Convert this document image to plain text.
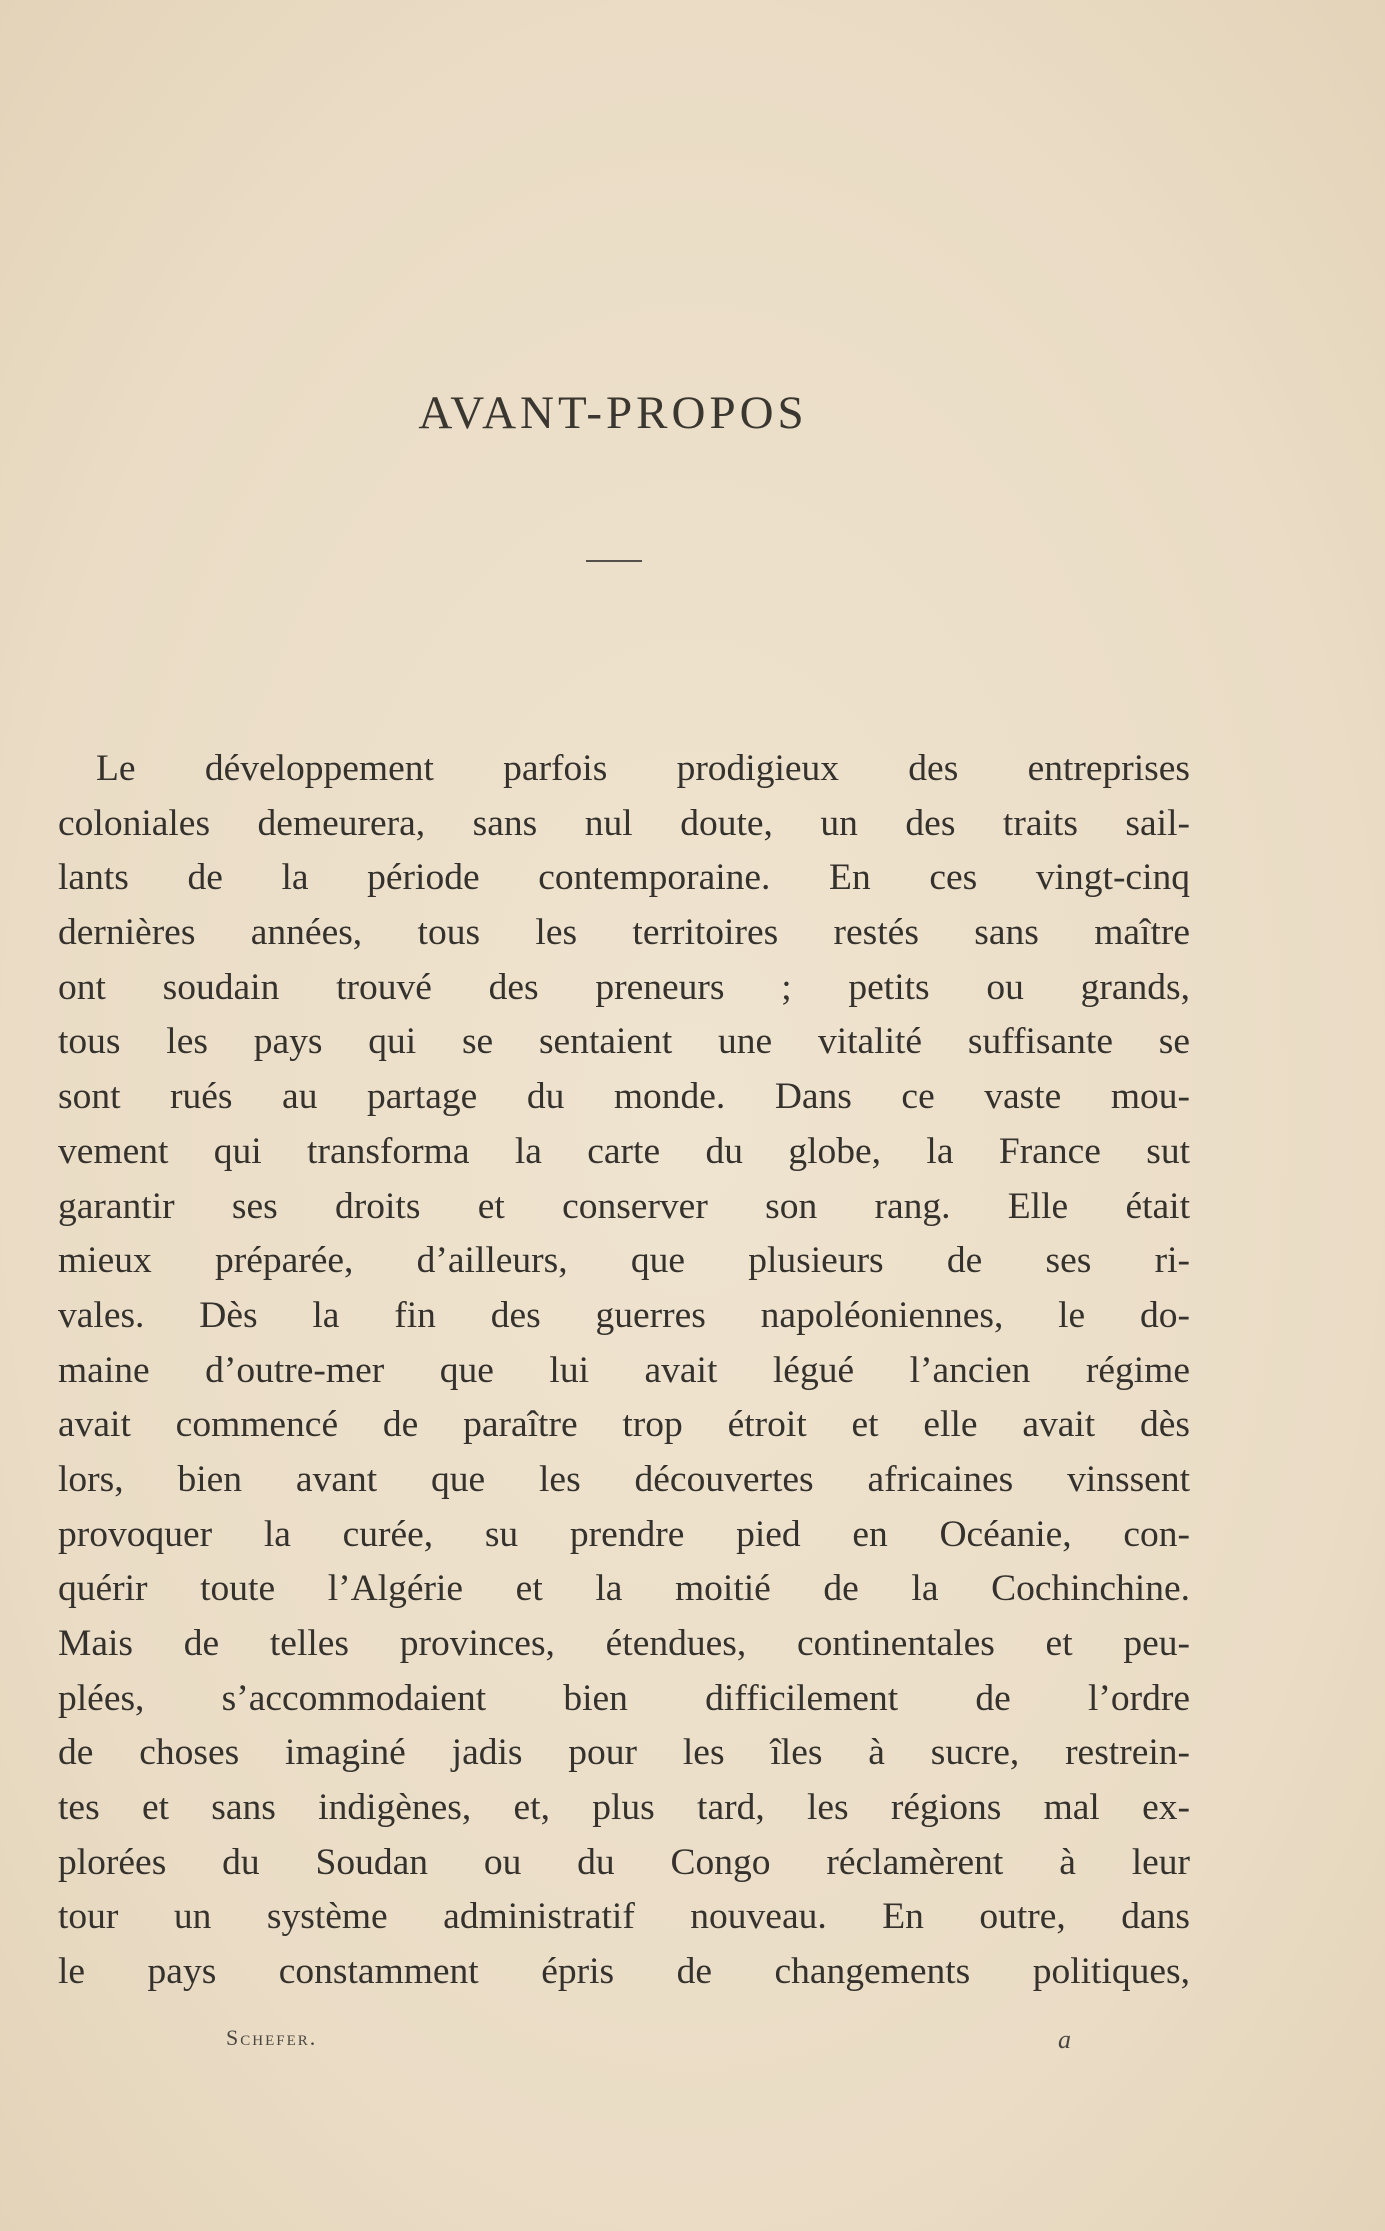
AVANT-PROPOS
Le développement parfois prodigieux des entreprises
coloniales demeurera, sans nul doute, un des traits sail-
lants de la période contemporaine. En ces vingt-cinq
dernières années, tous les territoires restés sans maître
ont soudain trouvé des preneurs ; petits ou grands,
tous les pays qui se sentaient une vitalité suffisante se
sont rués au partage du monde. Dans ce vaste mou-
vement qui transforma la carte du globe, la France sut
garantir ses droits et conserver son rang. Elle était
mieux préparée, d’ailleurs, que plusieurs de ses ri-
vales. Dès la fin des guerres napoléoniennes, le do-
maine d’outre-mer que lui avait légué l’ancien régime
avait commencé de paraître trop étroit et elle avait dès
lors, bien avant que les découvertes africaines vinssent
provoquer la curée, su prendre pied en Océanie, con-
quérir toute l’Algérie et la moitié de la Cochinchine.
Mais de telles provinces, étendues, continentales et peu-
plées, s’accommodaient bien difficilement de l’ordre
de choses imaginé jadis pour les îles à sucre, restrein-
tes et sans indigènes, et, plus tard, les régions mal ex-
plorées du Soudan ou du Congo réclamèrent à leur
tour un système administratif nouveau. En outre, dans
le pays constamment épris de changements politiques,

Schefer.	a
